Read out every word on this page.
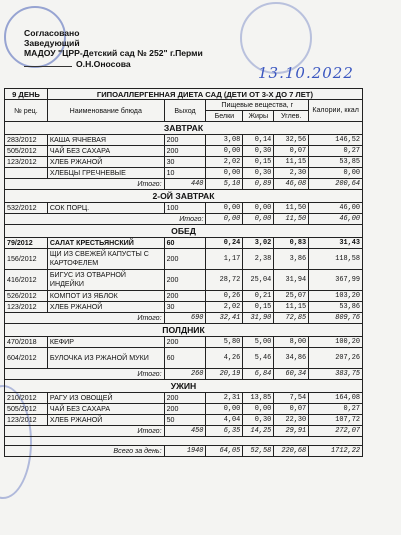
Согласовано
Заведующий
МАДОУ "ЦРР-Детский сад № 252" г.Перми
О.Н.Оносова
13.10.2022
9 ДЕНЬ	ГИПОАЛЛЕРГЕННАЯ ДИЕТА САД (ДЕТИ ОТ 3-Х ДО 7 ЛЕТ)					
№ рец.	Наименование блюда	Выход	Пищевые вещества, г			Калории, ккал
			Белки	Жиры	Углев.	
ЗАВТРАК						
283/2012	КАША ЯЧНЕВАЯ	200	3,08	0,14	32,56	146,52
505/2012	ЧАЙ БЕЗ САХАРА	200	0,00	0,30	0,07	0,27
123/2012	ХЛЕБ РЖАНОЙ	30	2,02	0,15	11,15	53,85
	ХЛЕБЦЫ ГРЕЧНЕВЫЕ	10	0,00	0,30	2,30	0,00
Итого:		440	5,10	0,89	46,08	200,64
2-ОЙ ЗАВТРАК						
532/2012	СОК ПОРЦ.	100	0,00	0,00	11,50	46,00
Итого:			0,00	0,00	11,50	46,00
ОБЕД						
79/2012	САЛАТ КРЕСТЬЯНСКИЙ	60	0,24	3,02	0,83	31,43
156/2012	ЩИ ИЗ СВЕЖЕЙ КАПУСТЫ С КАРТОФЕЛЕМ	200	1,17	2,38	3,86	118,58
416/2012	БИГУС ИЗ ОТВАРНОЙ ИНДЕЙКИ	200	28,72	25,04	31,94	367,99
526/2012	КОМПОТ ИЗ ЯБЛОК	200	0,26	0,21	25,07	103,20
123/2012	ХЛЕБ РЖАНОЙ	30	2,02	0,15	11,15	53,86
Итого:		690	32,41	31,90	72,85	809,76
ПОЛДНИК						
470/2018	КЕФИР	200	5,80	5,00	8,00	100,20
604/2012	БУЛОЧКА ИЗ РЖАНОЙ МУКИ	60	4,26	5,46	34,86	207,26
Итого:		260	20,19	6,84	60,34	383,75
УЖИН						
210/2012	РАГУ ИЗ ОВОЩЕЙ	200	2,31	13,85	7,54	164,08
505/2012	ЧАЙ БЕЗ САХАРА	200	0,00	0,00	0,07	0,27
123/2012	ХЛЕБ РЖАНОЙ	50	4,04	0,30	22,30	107,72
Итого:		450	6,35	14,25	29,91	272,07

Всего за день:		1940	64,05	52,58	220,68	1712,22
